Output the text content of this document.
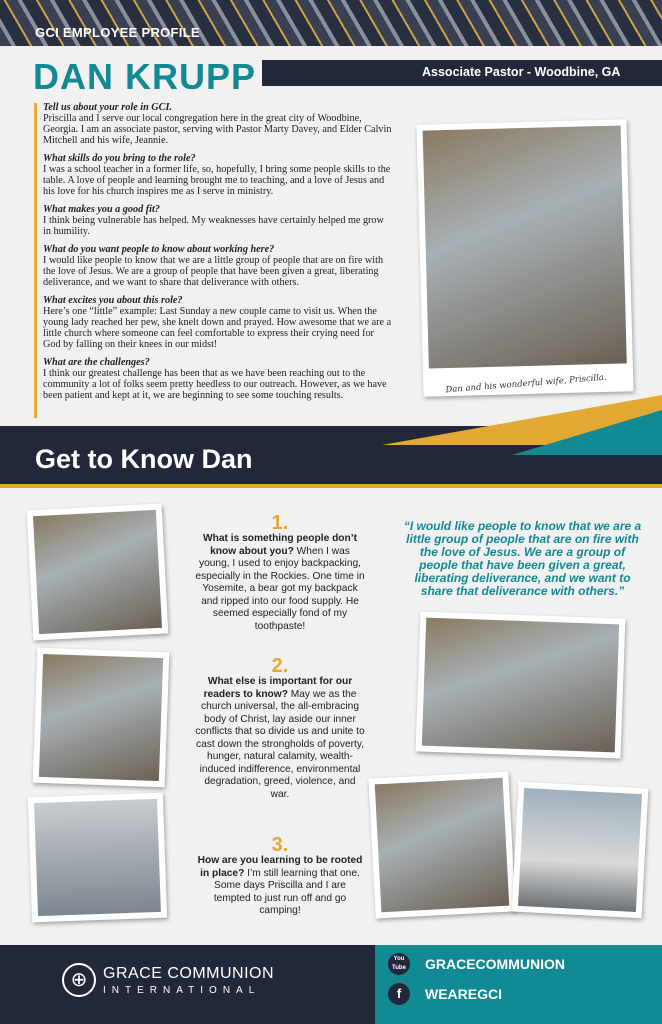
GCI EMPLOYEE PROFILE
DAN KRUPP	Associate Pastor - Woodbine, GA
Tell us about your role in GCI.

Priscilla and I serve our local congregation here in the great city of Woodbine, Georgia. I am an associate pastor, serving with Pastor Marty Davey, and Elder Calvin Mitchell and his wife, Jeannie.

What skills do you bring to the role?

I was a school teacher in a former life, so, hopefully, I bring some people skills to the table. A love of people and learning brought me to teaching, and a love of Jesus and his love for his church inspires me as I serve in ministry.

What makes you a good fit?

I think being vulnerable has helped. My weaknesses have certainly helped me grow in humility.

What do you want people to know about working here?

I would like people to know that we are a little group of people that are on fire with the love of Jesus. We are a group of people that have been given a great, liberating deliverance, and we want to share that deliverance with others.

What excites you about this role?

Here’s one “little” example: Last Sunday a new couple came to visit us. When the young lady reached her pew, she knelt down and prayed. How awesome that we are a little church where someone can feel comfortable to express their crying need for God by falling on their knees in our midst!

What are the challenges?

I think our greatest challenge has been that as we have been reaching out to the community a lot of folks seem pretty heedless to our outreach. However, as we have been patient and kept at it, we are beginning to see some touching results.

Dan and his wonderful wife, Priscilla.
Get to Know Dan
1.
What is something people don’t know about you? When I was young, I used to enjoy backpacking, especially in the Rockies. One time in Yosemite, a bear got my backpack and ripped into our food supply. He seemed especially fond of my toothpaste!
2.
What else is important for our readers to know? May we as the church universal, the all-embracing body of Christ, lay aside our inner conflicts that so divide us and unite to cast down the strongholds of poverty, hunger, natural calamity, wealth-induced indifference, environmental degradation, greed, violence, and war.
3.
How are you learning to be rooted in place? I’m still learning that one. Some days Priscilla and I are tempted to just run off and go camping!
“I would like people to know that we are a little group of people that are on fire with the love of Jesus. We are a group of people that have been given a great, liberating deliverance, and we want to share that deliverance with others.”
⊕ GRACE COMMUNION
INTERNATIONAL
You Tube GRACECOMMUNION
f	WEAREGCI
